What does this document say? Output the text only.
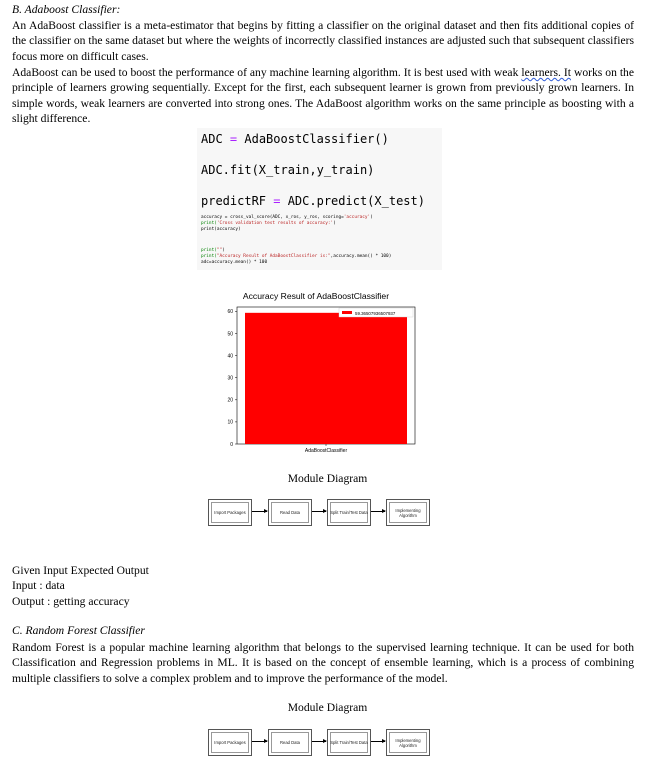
B. Adaboost Classifier:
An AdaBoost classifier is a meta-estimator that begins by fitting a classifier on the original dataset and then fits additional copies of the classifier on the same dataset but where the weights of incorrectly classified instances are adjusted such that subsequent classifiers focus more on difficult cases.
AdaBoost can be used to boost the performance of any machine learning algorithm. It is best used with weak learners. It works on the principle of learners growing sequentially. Except for the first, each subsequent learner is grown from previously grown learners. In simple words, weak learners are converted into strong ones. The AdaBoost algorithm works on the same principle as boosting with a slight difference.
ADC = AdaBoostClassifier()
ADC.fit(X_train,y_train)
predictRF = ADC.predict(X_test)
accuracy = cross_val_score(ADC, x_ros, y_ros, scoring='accuracy')
print('Cross validation test results of accuracy:')
print(accuracy)
print("")
print("Accuracy Result of AdaBoostClassifier is:",accuracy.mean() * 100)
adc=accuracy.mean() * 100
Accuracy Result of AdaBoostClassifier
0
10
20
30
40
50
60
AdaBoostClassifier
59.36507936507937
Module Diagram
Import Packages	Read Data	Split Train/Test Data	Implementing Algorithm
Given Input Expected Output
Input : data
Output : getting accuracy
C. Random Forest Classifier
Random Forest is a popular machine learning algorithm that belongs to the supervised learning technique. It can be used for both Classification and Regression problems in ML. It is based on the concept of ensemble learning, which is a process of combining multiple classifiers to solve a complex problem and to improve the performance of the model.
Module Diagram
Import Packages	Read Data	Split Train/Test Data	Implementing Algorithm
